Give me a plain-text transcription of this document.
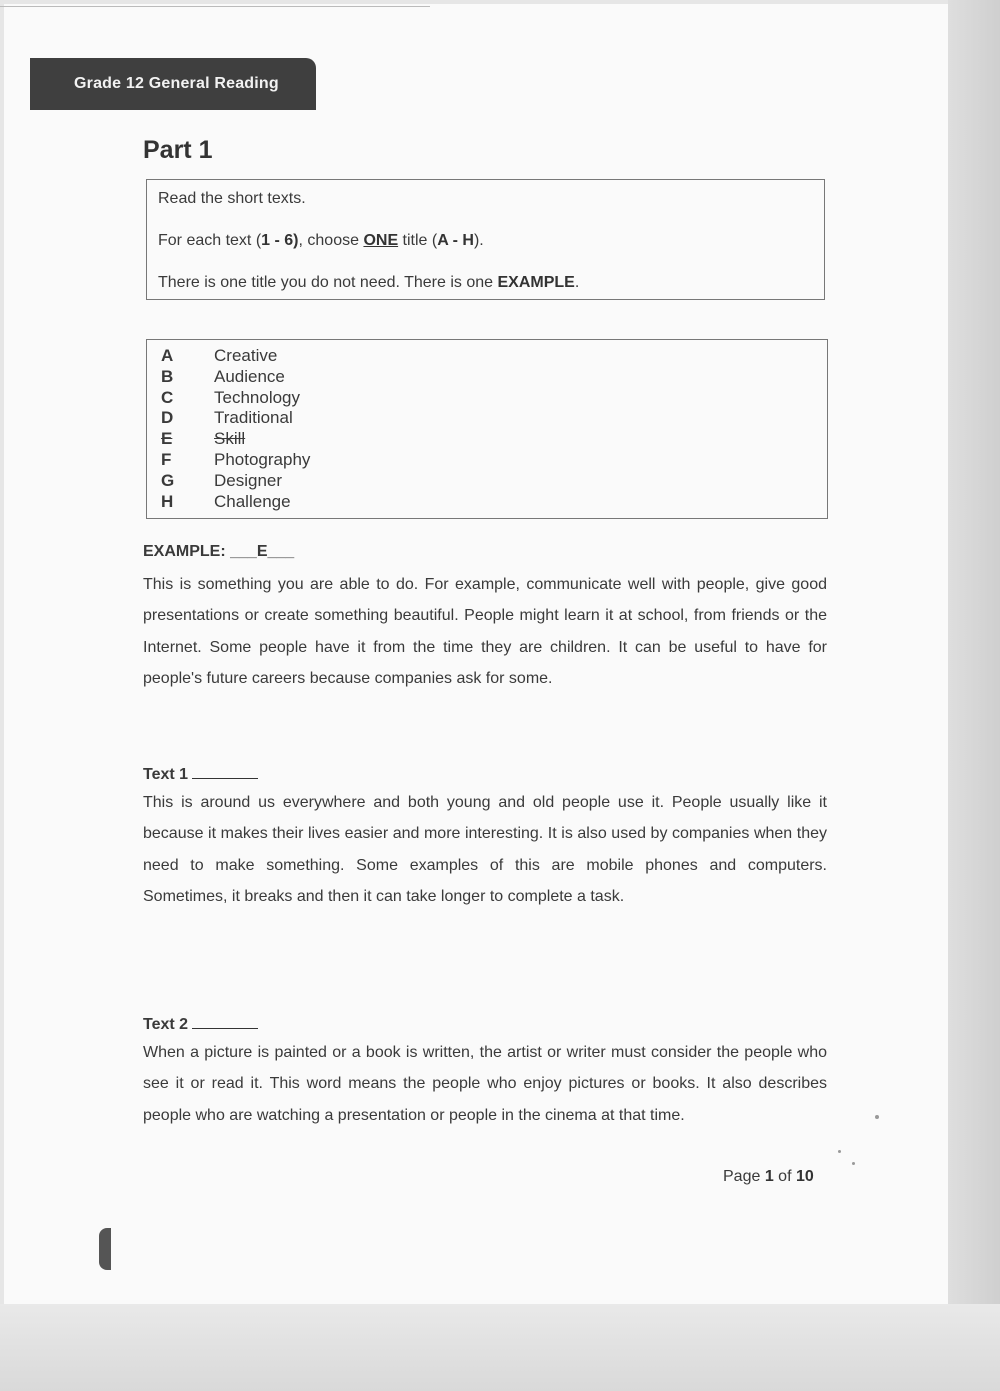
Grade 12 General Reading
Part 1

Read the short texts.

For each text (1 - 6), choose ONE title (A - H).

There is one title you do not need. There is one EXAMPLE.

A	Creative
B	Audience
C	Technology
D	Traditional
E	Skill
F	Photography
G	Designer
H	Challenge
EXAMPLE: ___E___
This is something you are able to do. For example, communicate well with people, give good presentations or create something beautiful. People might learn it at school, from friends or the Internet. Some people have it from the time they are children. It can be useful to have for people's future careers because companies ask for some.
Text 1
This is around us everywhere and both young and old people use it. People usually like it because it makes their lives easier and more interesting. It is also used by companies when they need to make something. Some examples of this are mobile phones and computers. Sometimes, it breaks and then it can take longer to complete a task.
Text 2
When a picture is painted or a book is written, the artist or writer must consider the people who see it or read it. This word means the people who enjoy pictures or books. It also describes people who are watching a presentation or people in the cinema at that time.
Page 1 of 10
